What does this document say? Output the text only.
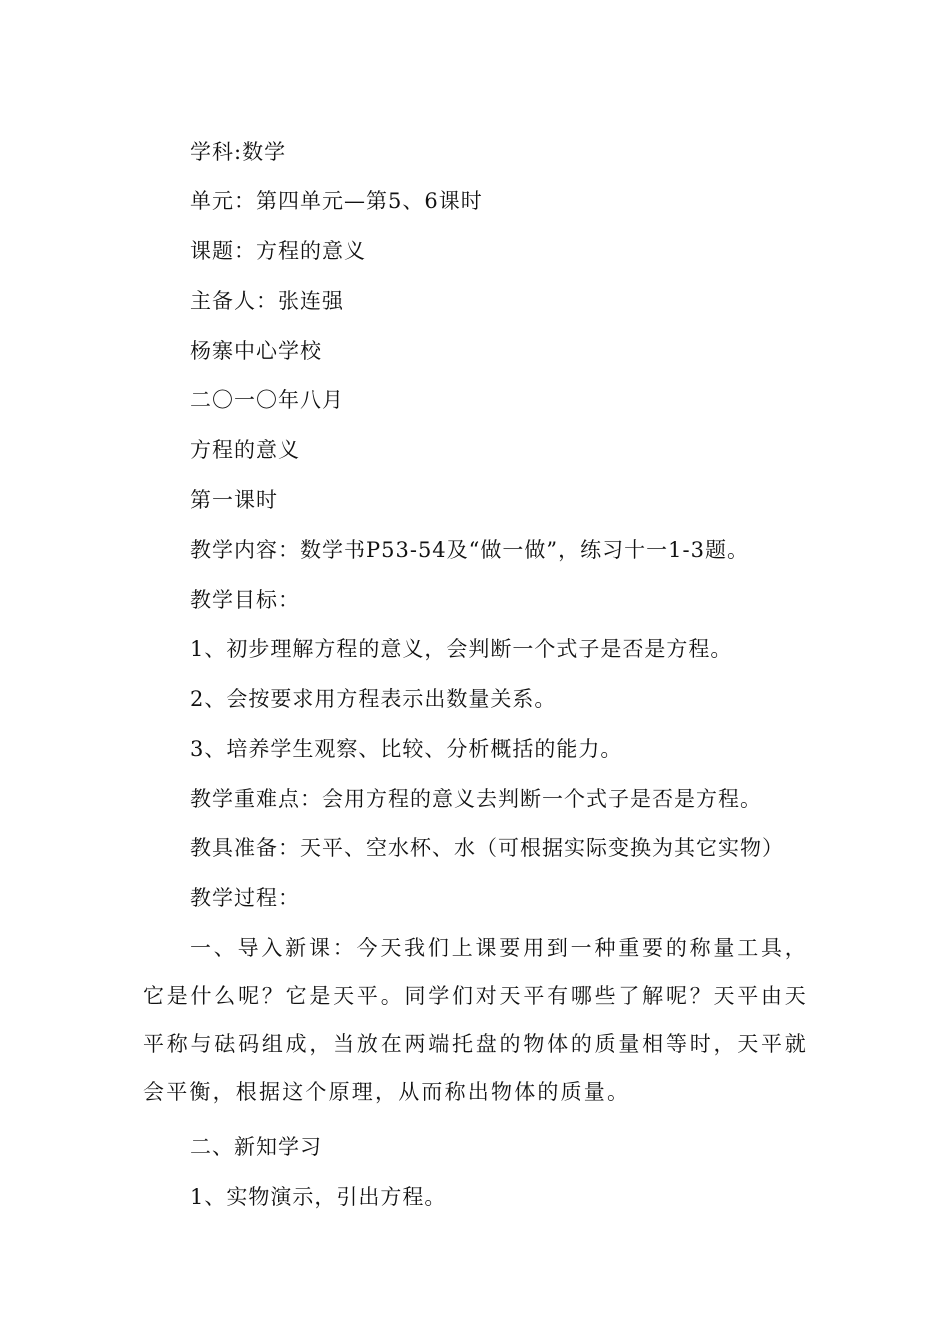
学科:数学
单元：第四单元—第5、6课时
课题：方程的意义
主备人：张连强
杨寨中心学校
二〇一〇年八月
方程的意义
第一课时
教学内容：数学书P53-54及“做一做”，练习十一1-3题。
教学目标：
1、初步理解方程的意义，会判断一个式子是否是方程。
2、会按要求用方程表示出数量关系。
3、培养学生观察、比较、分析概括的能力。
教学重难点：会用方程的意义去判断一个式子是否是方程。
教具准备：天平、空水杯、水（可根据实际变换为其它实物）
教学过程：
一、导入新课：今天我们上课要用到一种重要的称量工具，它是什么呢？它是天平。同学们对天平有哪些了解呢？天平由天平称与砝码组成，当放在两端托盘的物体的质量相等时，天平就会平衡，根据这个原理，从而称出物体的质量。
二、新知学习
1、实物演示，引出方程。
